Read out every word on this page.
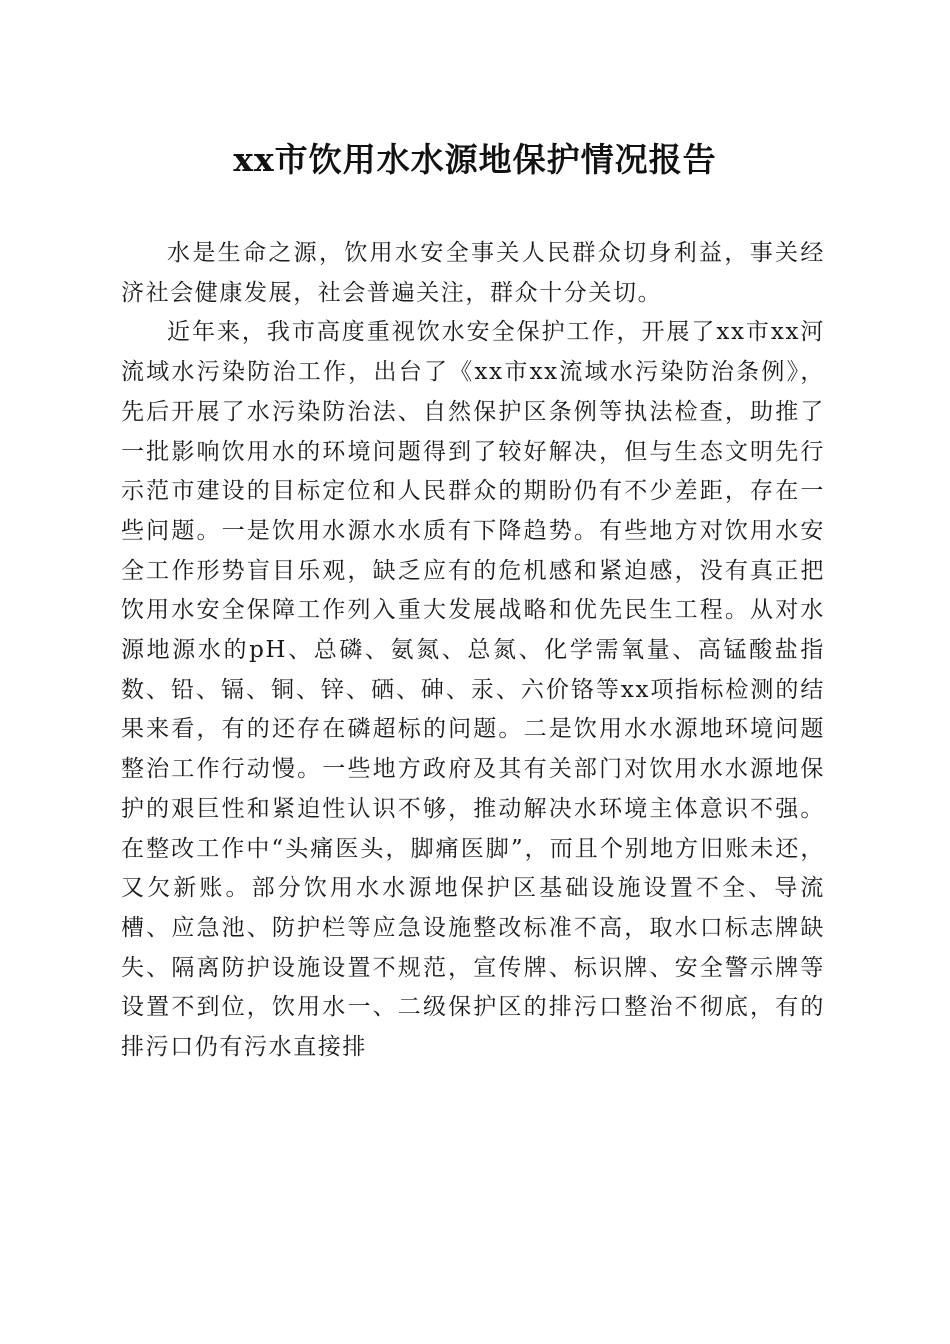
xx市饮用水水源地保护情况报告

水是生命之源，饮用水安全事关人民群众切身利益，事关经济社会健康发展，社会普遍关注，群众十分关切。

近年来，我市高度重视饮水安全保护工作，开展了xx市xx河流域水污染防治工作，出台了《xx市xx流域水污染防治条例》，先后开展了水污染防治法、自然保护区条例等执法检查，助推了一批影响饮用水的环境问题得到了较好解决，但与生态文明先行示范市建设的目标定位和人民群众的期盼仍有不少差距，存在一些问题。一是饮用水源水水质有下降趋势。有些地方对饮用水安全工作形势盲目乐观，缺乏应有的危机感和紧迫感，没有真正把饮用水安全保障工作列入重大发展战略和优先民生工程。从对水源地源水的pH、总磷、氨氮、总氮、化学需氧量、高锰酸盐指数、铅、镉、铜、锌、硒、砷、汞、六价铬等xx项指标检测的结果来看，有的还存在磷超标的问题。二是饮用水水源地环境问题整治工作行动慢。一些地方政府及其有关部门对饮用水水源地保护的艰巨性和紧迫性认识不够，推动解决水环境主体意识不强。在整改工作中“头痛医头，脚痛医脚”，而且个别地方旧账未还，又欠新账。部分饮用水水源地保护区基础设施设置不全、导流槽、应急池、防护栏等应急设施整改标准不高，取水口标志牌缺失、隔离防护设施设置不规范，宣传牌、标识牌、安全警示牌等设置不到位，饮用水一、二级保护区的排污口整治不彻底，有的排污口仍有污水直接排
